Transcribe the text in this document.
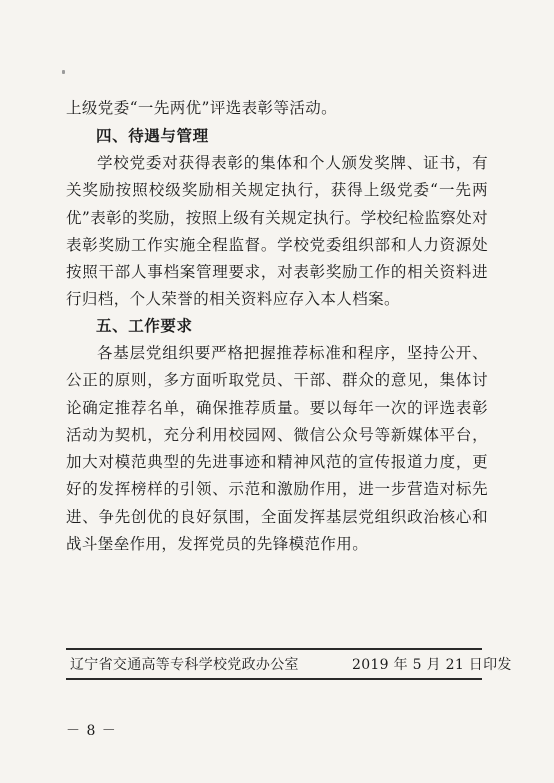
上级党委“一先两优”评选表彰等活动。

四、待遇与管理

学校党委对获得表彰的集体和个人颁发奖牌、证书，有关奖励按照校级奖励相关规定执行，获得上级党委“一先两优”表彰的奖励，按照上级有关规定执行。学校纪检监察处对表彰奖励工作实施全程监督。学校党委组织部和人力资源处按照干部人事档案管理要求，对表彰奖励工作的相关资料进行归档，个人荣誉的相关资料应存入本人档案。

五、工作要求

各基层党组织要严格把握推荐标准和程序，坚持公开、公正的原则，多方面听取党员、干部、群众的意见，集体讨论确定推荐名单，确保推荐质量。要以每年一次的评选表彰活动为契机，充分利用校园网、微信公众号等新媒体平台，加大对模范典型的先进事迹和精神风范的宣传报道力度，更好的发挥榜样的引领、示范和激励作用，进一步营造对标先进、争先创优的良好氛围，全面发挥基层党组织政治核心和战斗堡垒作用，发挥党员的先锋模范作用。

辽宁省交通高等专科学校党政办公室	2019 年 5 月 21 日印发
－ 8 －
